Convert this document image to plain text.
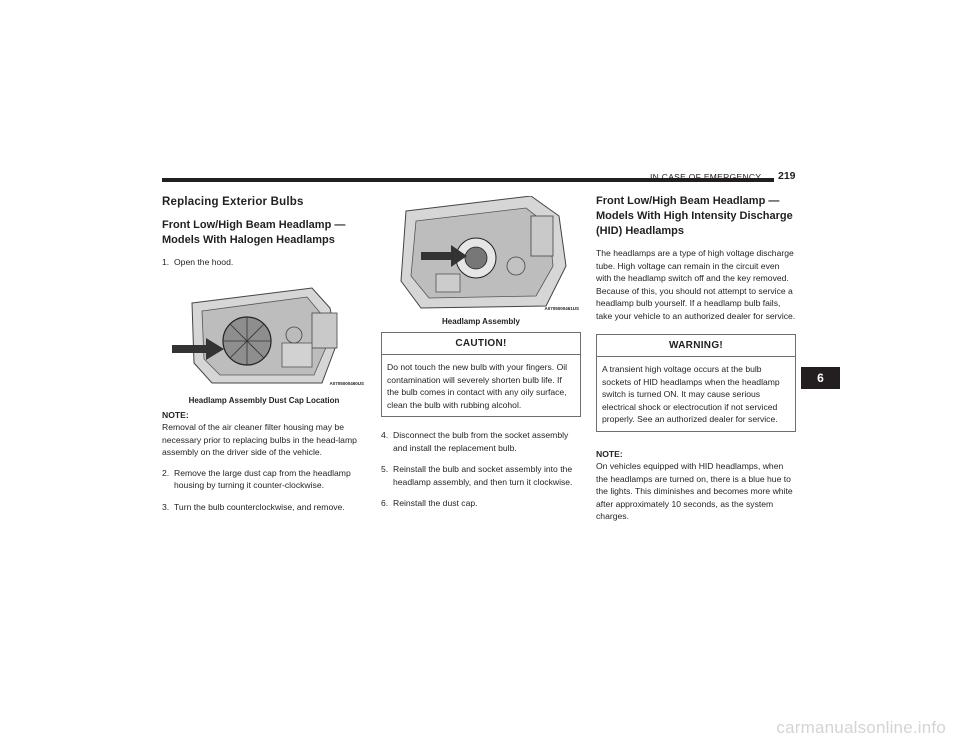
IN CASE OF EMERGENCY 219
Replacing Exterior Bulbs
Front Low/High Beam Headlamp — Models With Halogen Headlamps
1. Open the hood.
A0705000460US
Headlamp Assembly Dust Cap Location
NOTE:

Removal of the air cleaner filter housing may be necessary prior to replacing bulbs in the head-lamp assembly on the driver side of the vehicle.

2. Remove the large dust cap from the headlamp housing by turning it counter-clockwise.
3. Turn the bulb counterclockwise, and remove.
A0705000461US
Headlamp Assembly
CAUTION!
Do not touch the new bulb with your fingers. Oil contamination will severely shorten bulb life. If the bulb comes in contact with any oily surface, clean the bulb with rubbing alcohol.
4. Disconnect the bulb from the socket assembly and install the replacement bulb.
5. Reinstall the bulb and socket assembly into the headlamp assembly, and then turn it clockwise.
6. Reinstall the dust cap.
Front Low/High Beam Headlamp — Models With High Intensity Discharge (HID) Headlamps

The headlamps are a type of high voltage discharge tube. High voltage can remain in the circuit even with the headlamp switch off and the key removed. Because of this, you should not attempt to service a headlamp bulb yourself. If a headlamp bulb fails, take your vehicle to an authorized dealer for service.

WARNING!
A transient high voltage occurs at the bulb sockets of HID headlamps when the headlamp switch is turned ON. It may cause serious electrical shock or electrocution if not serviced properly. See an authorized dealer for service.
NOTE:

On vehicles equipped with HID headlamps, when the headlamps are turned on, there is a blue hue to the lights. This diminishes and becomes more white after approximately 10 seconds, as the system charges.

6
carmanualsonline.info
